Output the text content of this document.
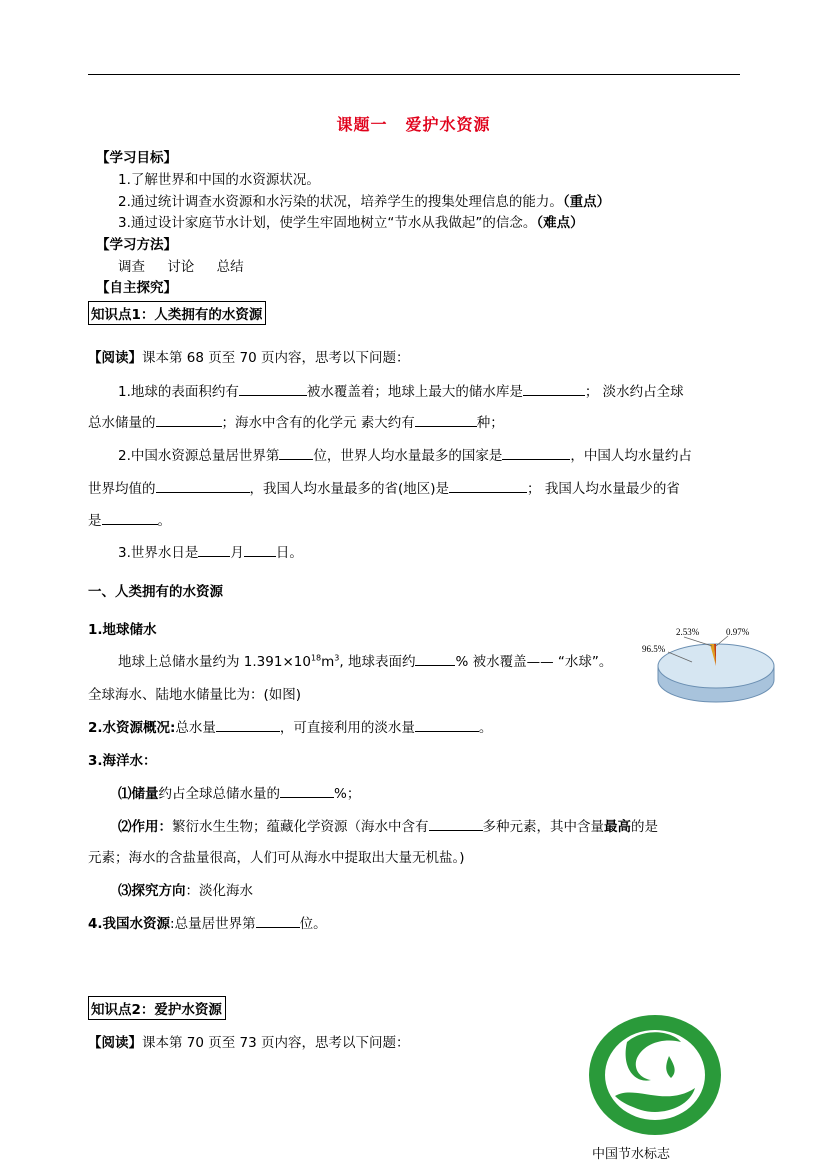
课题一 爱护水资源
【学习目标】
1.了解世界和中国的水资源状况。
2.通过统计调查水资源和水污染的状况，培养学生的搜集处理信息的能力。（重点）
3.通过设计家庭节水计划，使学生牢固地树立“节水从我做起”的信念。（难点）
【学习方法】
调查 讨论 总结
【自主探究】
知识点1：人类拥有的水资源
【阅读】课本第 68 页至 70 页内容，思考以下问题：
1.地球的表面积约有	被水覆盖着；地球上最大的储水库是	； 淡水约占全球
总水储量的	；海水中含有的化学元 素大约有	种；
2.中国水资源总量居世界第	位，世界人均水量最多的国家是	，中国人均水量约占
世界均值的	，我国人均水量最多的省(地区)是	； 我国人均水量最少的省
是	。
3.世界水日是 月 日。
一、人类拥有的水资源
1.地球储水
地球上总储水量约为 $1.391\times 10^{18}m^3$, 地球表面约	% 被水覆盖—— “水球”。
全球海水、陆地水储量比为：(如图)
2.53%	0.97%
96.5%
2.水资源概况:总水量	，可直接利用的淡水量	。
3.海洋水：
⑴储量约占全球总储水量的	%；
⑵作用：繁衍水生生物；蕴藏化学资源（海水中含有	多种元素，其中含量最高的是
元素；海水的含盐量很高，人们可从海水中提取出大量无机盐。)
⑶探究方向：淡化海水
4.我国水资源:总量居世界第	位。
知识点2：爱护水资源
【阅读】课本第 70 页至 73 页内容，思考以下问题：
中国节水标志
